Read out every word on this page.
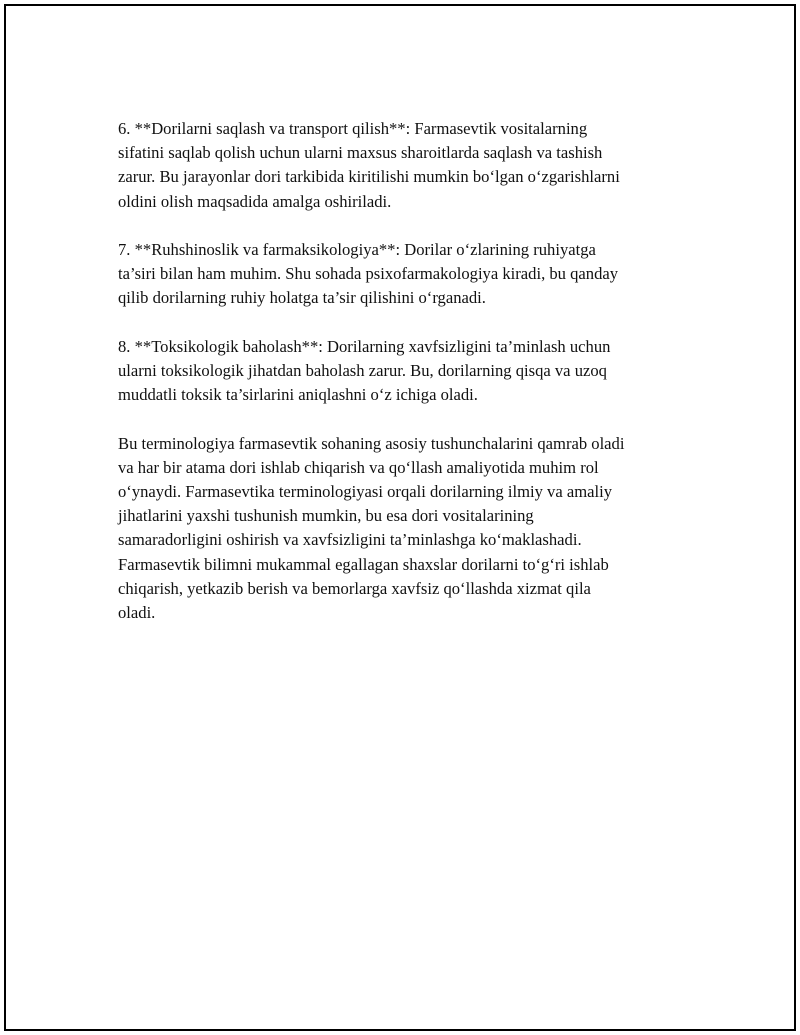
6. **Dorilarni saqlash va transport qilish**: Farmasevtik vositalarning
sifatini saqlab qolish uchun ularni maxsus sharoitlarda saqlash va tashish
zarur. Bu jarayonlar dori tarkibida kiritilishi mumkin bo‘lgan o‘zgarishlarni
oldini olish maqsadida amalga oshiriladi.

7. **Ruhshinoslik va farmaksikologiya**: Dorilar o‘zlarining ruhiyatga
ta’siri bilan ham muhim. Shu sohada psixofarmakologiya kiradi, bu qanday
qilib dorilarning ruhiy holatga ta’sir qilishini o‘rganadi.

8. **Toksikologik baholash**: Dorilarning xavfsizligini ta’minlash uchun
ularni toksikologik jihatdan baholash zarur. Bu, dorilarning qisqa va uzoq
muddatli toksik ta’sirlarini aniqlashni o‘z ichiga oladi.

Bu terminologiya farmasevtik sohaning asosiy tushunchalarini qamrab oladi
va har bir atama dori ishlab chiqarish va qo‘llash amaliyotida muhim rol
o‘ynaydi. Farmasevtika terminologiyasi orqali dorilarning ilmiy va amaliy
jihatlarini yaxshi tushunish mumkin, bu esa dori vositalarining
samaradorligini oshirish va xavfsizligini ta’minlashga ko‘maklashadi.
Farmasevtik bilimni mukammal egallagan shaxslar dorilarni to‘g‘ri ishlab
chiqarish, yetkazib berish va bemorlarga xavfsiz qo‘llashda xizmat qila
oladi.
